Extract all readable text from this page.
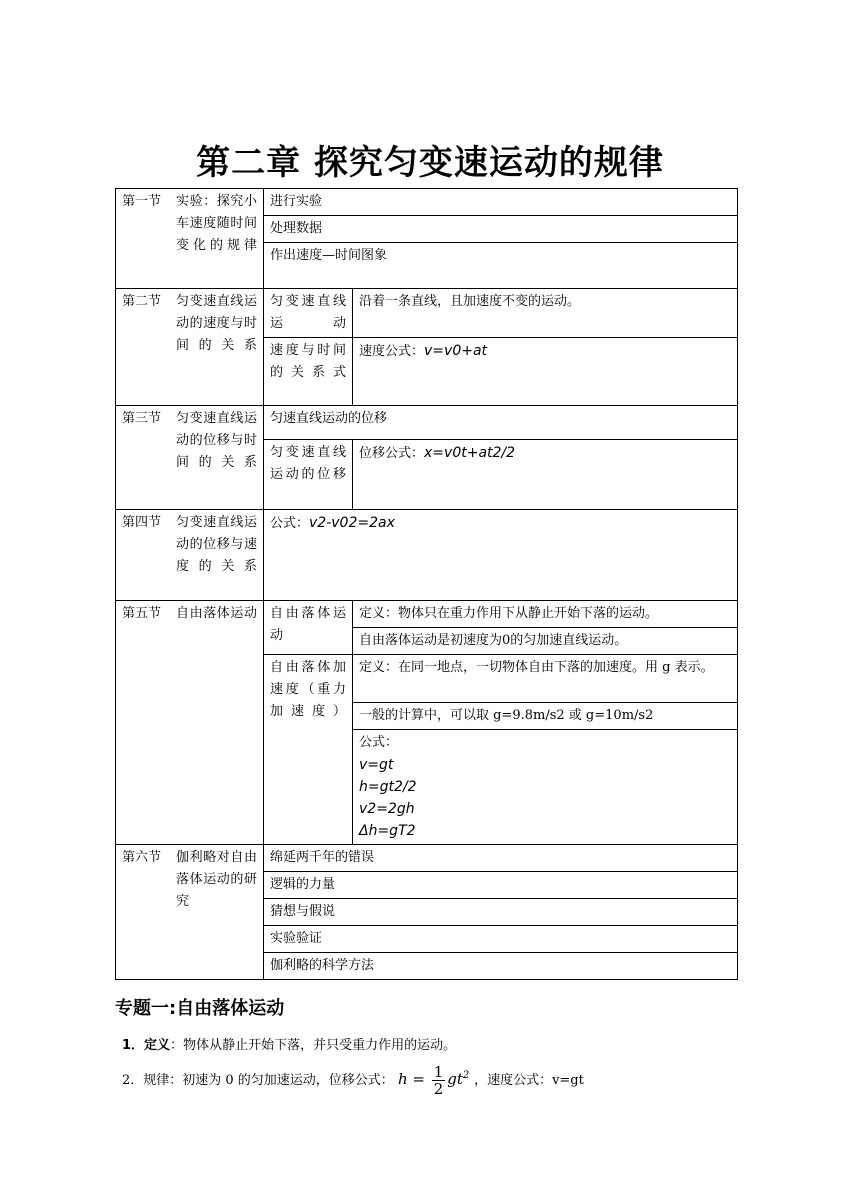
第二章 探究匀变速运动的规律
第一节 实验：探究小车速度随时间变化的规律	进行实验	
	处理数据	
	作出速度—时间图象	

第二节 匀变速直线运动的速度与时间的关系	匀变速直线运动	沿着一条直线，且加速度不变的运动。
	速度与时间的关系式	速度公式：v=v0+at

第三节 匀变速直线运动的位移与时间的关系	匀速直线运动的位移	
	匀变速直线运动的位移	位移公式：x=v0t+at2/2

第四节 匀变速直线运动的位移与速度的关系	公式：v2-v02=2ax	

第五节 自由落体运动	自由落体运动	定义：物体只在重力作用下从静止开始下落的运动。
		自由落体运动是初速度为0的匀加速直线运动。
	自由落体加速度（重力加速度）	定义：在同一地点，一切物体自由下落的加速度。用 g 表示。
		一般的计算中，可以取 g=9.8m/s2 或 g=10m/s2

		公式：
v=gt
h=gt2/2
v2=2gh
Δh=gT2

第六节 伽利略对自由落体运动的研究	绵延两千年的错误	
	逻辑的力量	
	猜想与假说	
	实验验证	
	伽利略的科学方法	
专题一:自由落体运动
1．定义：物体从静止开始下落，并只受重力作用的运动。
2．规律：初速为 0 的匀加速运动，位移公式： $h = \frac{1}{2} gt^2$ ，速度公式：v=gt
